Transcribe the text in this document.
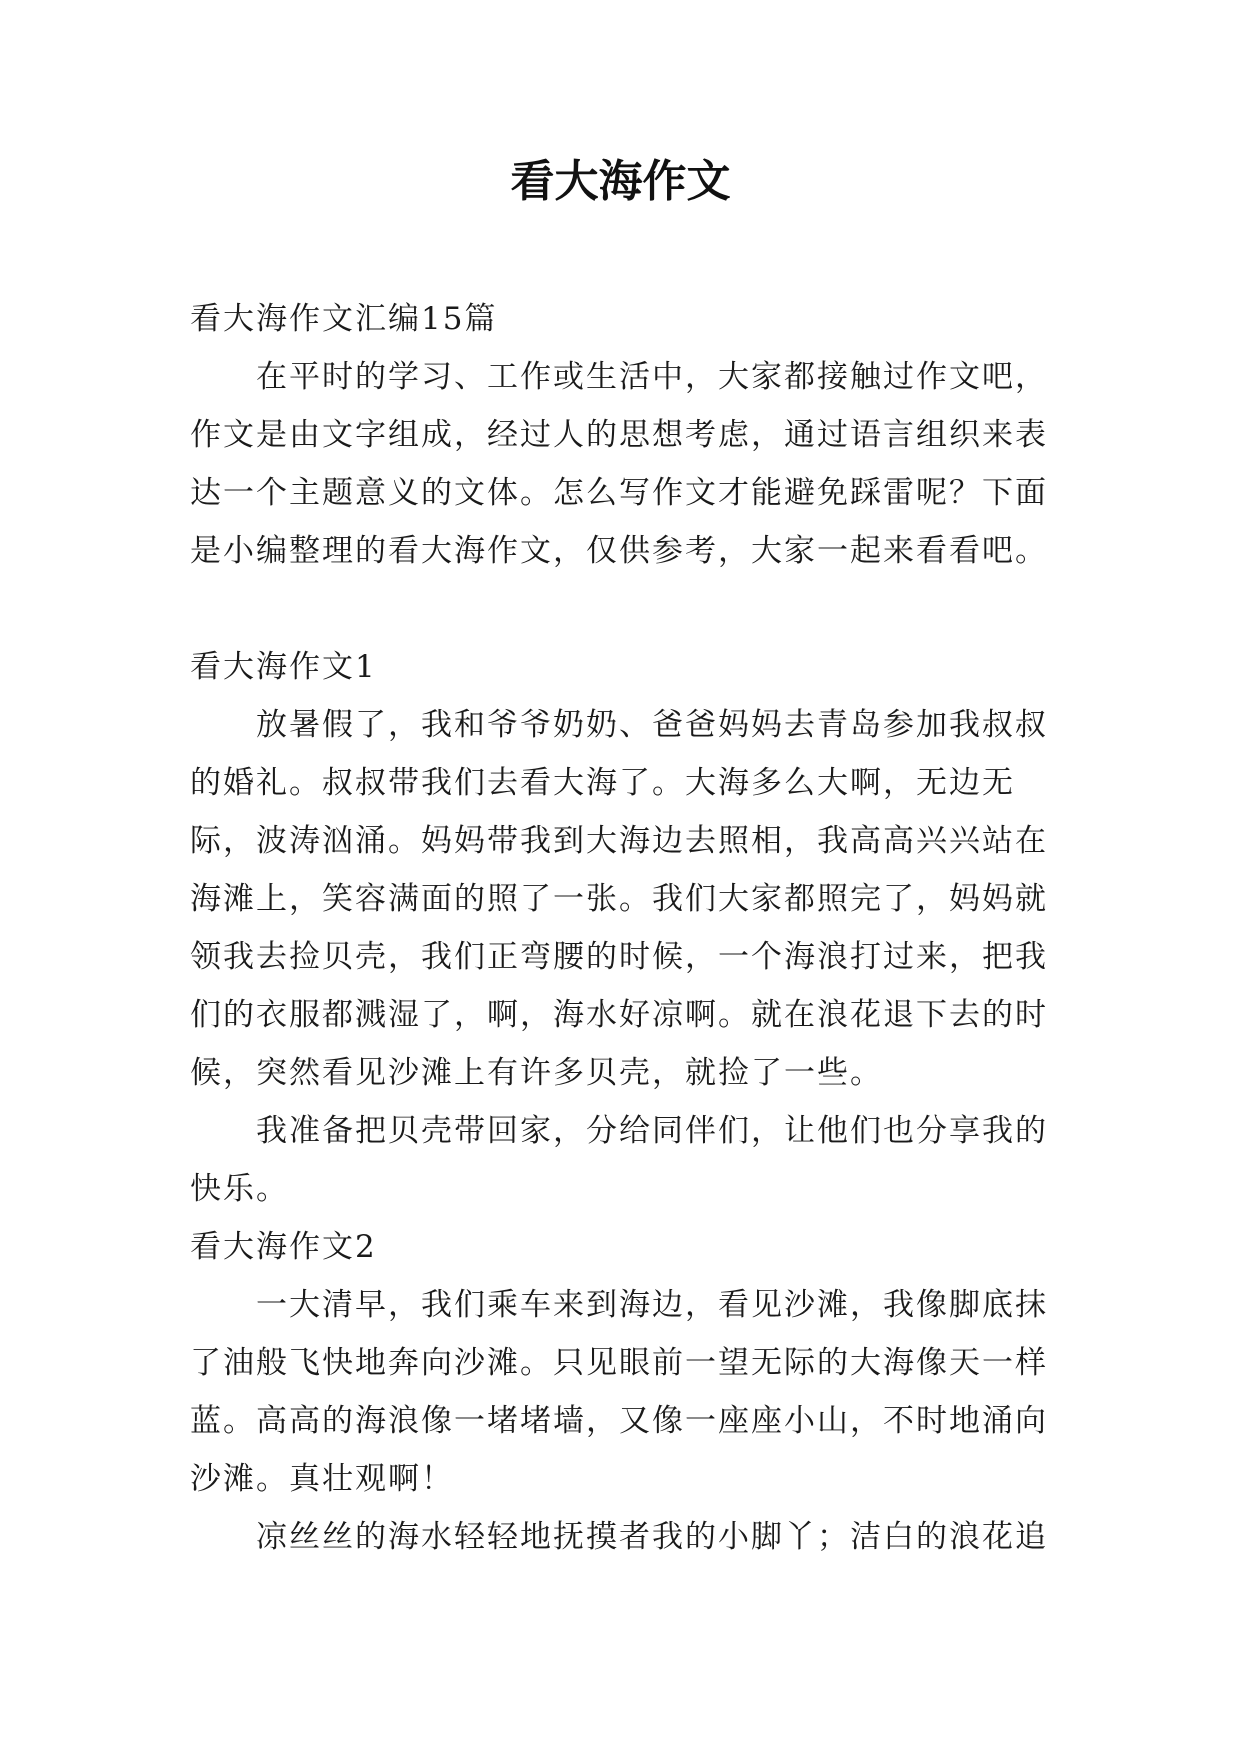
看大海作文

看大海作文汇编15篇

在平时的学习、工作或生活中，大家都接触过作文吧，作文是由文字组成，经过人的思想考虑，通过语言组织来表达一个主题意义的文体。怎么写作文才能避免踩雷呢？下面是小编整理的看大海作文，仅供参考，大家一起来看看吧。

看大海作文1

放暑假了，我和爷爷奶奶、爸爸妈妈去青岛参加我叔叔的婚礼。叔叔带我们去看大海了。大海多么大啊，无边无际，波涛汹涌。妈妈带我到大海边去照相，我高高兴兴站在海滩上，笑容满面的照了一张。我们大家都照完了，妈妈就领我去捡贝壳，我们正弯腰的时候，一个海浪打过来，把我们的衣服都溅湿了，啊，海水好凉啊。就在浪花退下去的时候，突然看见沙滩上有许多贝壳，就捡了一些。

我准备把贝壳带回家，分给同伴们，让他们也分享我的快乐。

看大海作文2

一大清早，我们乘车来到海边，看见沙滩，我像脚底抹了油般飞快地奔向沙滩。只见眼前一望无际的大海像天一样蓝。高高的海浪像一堵堵墙，又像一座座小山，不时地涌向沙滩。真壮观啊！

凉丝丝的海水轻轻地抚摸者我的小脚丫；洁白的浪花追
